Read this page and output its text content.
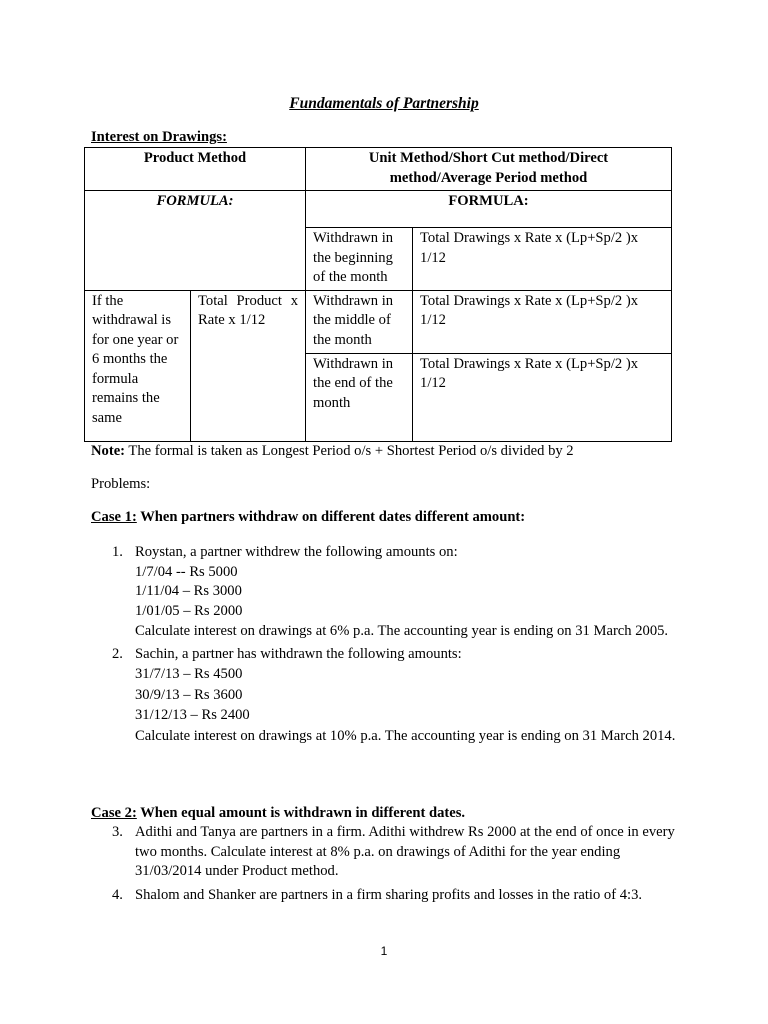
Fundamentals of Partnership
Interest on Drawings:
Product Method		Unit Method/Short Cut method/Direct method/Average Period method	
FORMULA:		FORMULA:	
		Withdrawn in the beginning of the month	Total Drawings x Rate x (Lp+Sp/2 )x 1/12
If the withdrawal is for one year or 6 months the formula remains the same	Total Product x Rate x 1/12	Withdrawn in the middle of the month	Total Drawings x Rate x (Lp+Sp/2 )x 1/12
		Withdrawn in the end of the month	Total Drawings x Rate x (Lp+Sp/2 )x 1/12
Note: The formal is taken as Longest Period o/s + Shortest Period o/s divided by 2
Problems:
Case 1: When partners withdraw on different dates different amount:
1. Roystan, a partner withdrew the following amounts on:
1/7/04 -- Rs 5000
1/11/04 – Rs 3000
1/01/05 – Rs 2000
Calculate interest on drawings at 6% p.a. The accounting year is ending on 31 March 2005.
2. Sachin, a partner has withdrawn the following amounts:
31/7/13 – Rs 4500
30/9/13 – Rs 3600
31/12/13 – Rs 2400
Calculate interest on drawings at 10% p.a. The accounting year is ending on 31 March 2014.
Case 2: When equal amount is withdrawn in different dates.
3. Adithi and Tanya are partners in a firm. Adithi withdrew Rs 2000 at the end of once in every two months. Calculate interest at 8% p.a. on drawings of Adithi for the year ending 31/03/2014 under Product method.
4. Shalom and Shanker are partners in a firm sharing profits and losses in the ratio of 4:3.
1
